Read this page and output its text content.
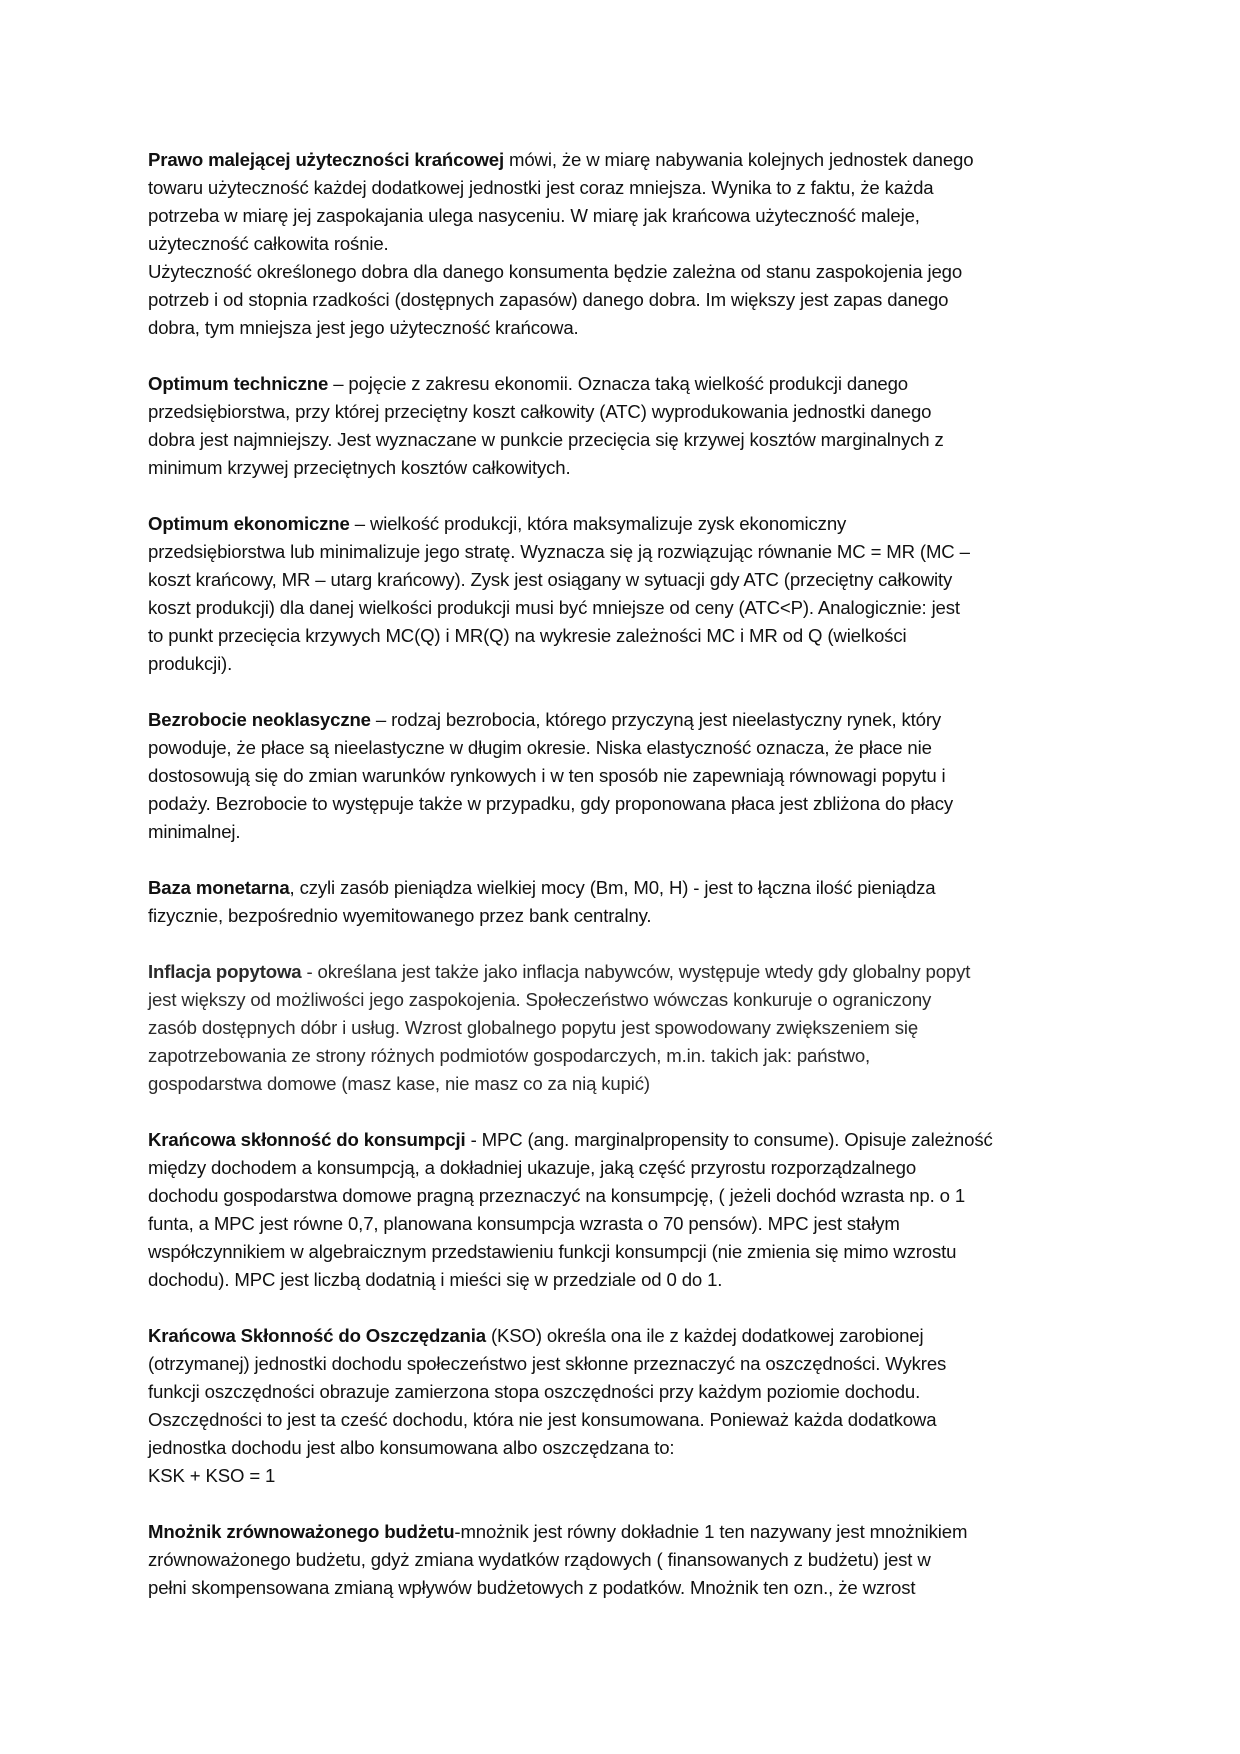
Prawo malejącej użyteczności krańcowej mówi, że w miarę nabywania kolejnych jednostek danego
towaru użyteczność każdej dodatkowej jednostki jest coraz mniejsza. Wynika to z faktu, że każda
potrzeba w miarę jej zaspokajania ulega nasyceniu. W miarę jak krańcowa użyteczność maleje,
użyteczność całkowita rośnie.
Użyteczność określonego dobra dla danego konsumenta będzie zależna od stanu zaspokojenia jego
potrzeb i od stopnia rzadkości (dostępnych zapasów) danego dobra. Im większy jest zapas danego
dobra, tym mniejsza jest jego użyteczność krańcowa.

Optimum techniczne – pojęcie z zakresu ekonomii. Oznacza taką wielkość produkcji danego
przedsiębiorstwa, przy której przeciętny koszt całkowity (ATC) wyprodukowania jednostki danego
dobra jest najmniejszy. Jest wyznaczane w punkcie przecięcia się krzywej kosztów marginalnych z
minimum krzywej przeciętnych kosztów całkowitych.

Optimum ekonomiczne – wielkość produkcji, która maksymalizuje zysk ekonomiczny
przedsiębiorstwa lub minimalizuje jego stratę. Wyznacza się ją rozwiązując równanie MC = MR (MC –
koszt krańcowy, MR – utarg krańcowy). Zysk jest osiągany w sytuacji gdy ATC (przeciętny całkowity
koszt produkcji) dla danej wielkości produkcji musi być mniejsze od ceny (ATC<P). Analogicznie: jest
to punkt przecięcia krzywych MC(Q) i MR(Q) na wykresie zależności MC i MR od Q (wielkości
produkcji).

Bezrobocie neoklasyczne – rodzaj bezrobocia, którego przyczyną jest nieelastyczny rynek, który
powoduje, że płace są nieelastyczne w długim okresie. Niska elastyczność oznacza, że płace nie
dostosowują się do zmian warunków rynkowych i w ten sposób nie zapewniają równowagi popytu i
podaży. Bezrobocie to występuje także w przypadku, gdy proponowana płaca jest zbliżona do płacy
minimalnej.

Baza monetarna, czyli zasób pieniądza wielkiej mocy (Bm, M0, H) - jest to łączna ilość pieniądza
fizycznie, bezpośrednio wyemitowanego przez bank centralny.

Inflacja popytowa - określana jest także jako inflacja nabywców, występuje wtedy gdy globalny popyt
jest większy od możliwości jego zaspokojenia. Społeczeństwo wówczas konkuruje o ograniczony
zasób dostępnych dóbr i usług. Wzrost globalnego popytu jest spowodowany zwiększeniem się
zapotrzebowania ze strony różnych podmiotów gospodarczych, m.in. takich jak: państwo,
gospodarstwa domowe (masz kase, nie masz co za nią kupić)

Krańcowa skłonność do konsumpcji - MPC (ang. marginalpropensity to consume). Opisuje zależność
między dochodem a konsumpcją, a dokładniej ukazuje, jaką część przyrostu rozporządzalnego
dochodu gospodarstwa domowe pragną przeznaczyć na konsumpcję, ( jeżeli dochód wzrasta np. o 1
funta, a MPC jest równe 0,7, planowana konsumpcja wzrasta o 70 pensów). MPC jest stałym
współczynnikiem w algebraicznym przedstawieniu funkcji konsumpcji (nie zmienia się mimo wzrostu
dochodu). MPC jest liczbą dodatnią i mieści się w przedziale od 0 do 1.

Krańcowa Skłonność do Oszczędzania (KSO) określa ona ile z każdej dodatkowej zarobionej
(otrzymanej) jednostki dochodu społeczeństwo jest skłonne przeznaczyć na oszczędności. Wykres
funkcji oszczędności obrazuje zamierzona stopa oszczędności przy każdym poziomie dochodu.
Oszczędności to jest ta cześć dochodu, która nie jest konsumowana. Ponieważ każda dodatkowa
jednostka dochodu jest albo konsumowana albo oszczędzana to:
KSK + KSO = 1

Mnożnik zrównoważonego budżetu-mnożnik jest równy dokładnie 1 ten nazywany jest mnożnikiem
zrównoważonego budżetu, gdyż zmiana wydatków rządowych ( finansowanych z budżetu) jest w
pełni skompensowana zmianą wpływów budżetowych z podatków. Mnożnik ten ozn., że wzrost
